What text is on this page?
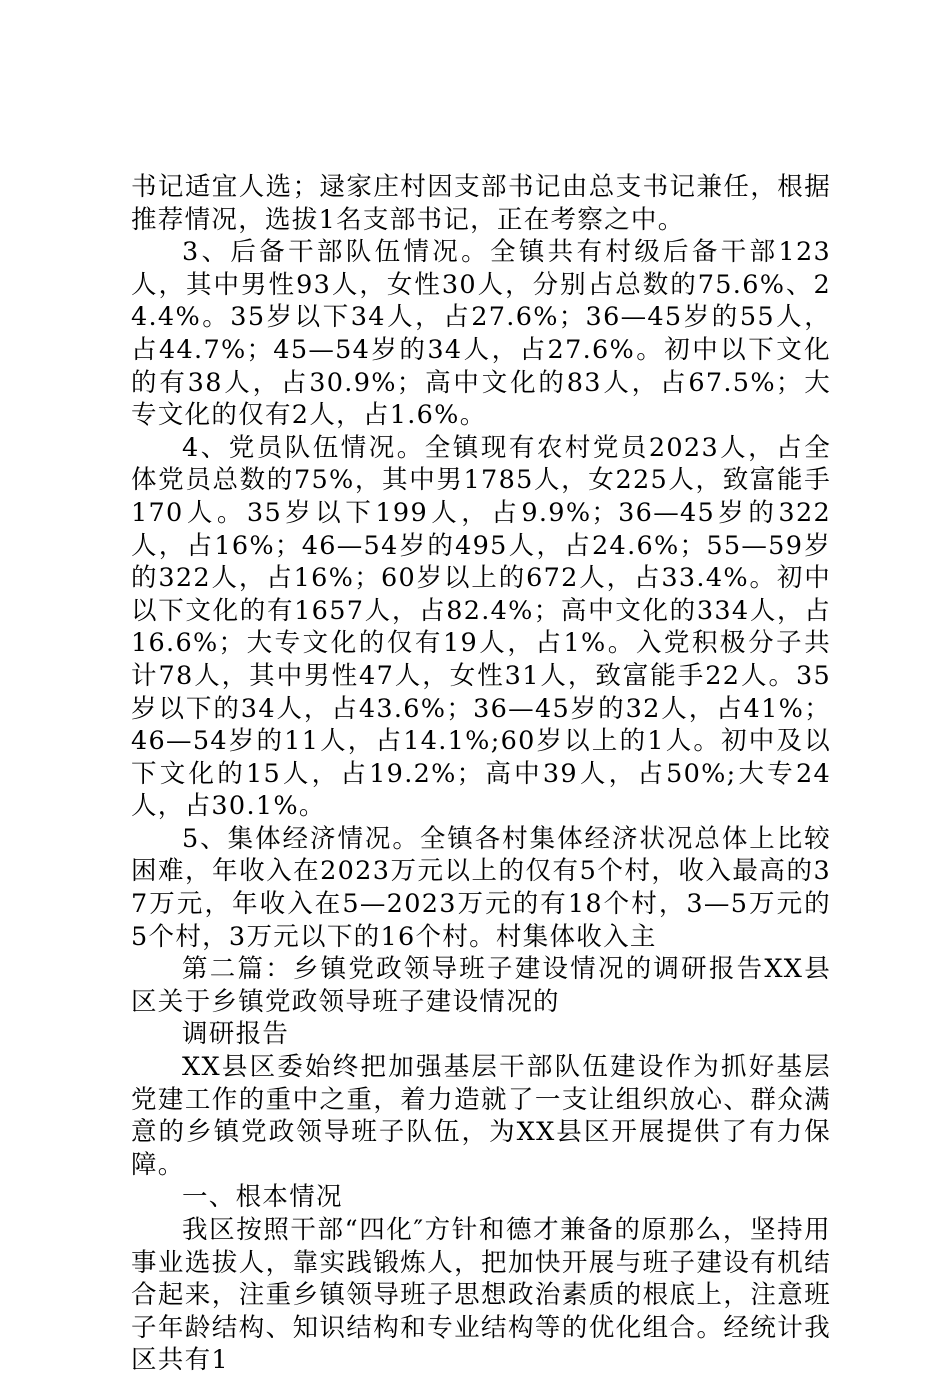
书记适宜人选；逯家庄村因支部书记由总支书记兼任，根据推荐情况，选拔1名支部书记，正在考察之中。

3、后备干部队伍情况。全镇共有村级后备干部123人，其中男性93人，女性30人，分别占总数的75.6%、24.4%。35岁以下34人，占27.6%；36—45岁的55人，占44.7%；45—54岁的34人，占27.6%。初中以下文化的有38人，占30.9%；高中文化的83人，占67.5%；大专文化的仅有2人，占1.6%。

4、党员队伍情况。全镇现有农村党员2023人，占全体党员总数的75%，其中男1785人，女225人，致富能手170人。35岁以下199人，占9.9%；36—45岁的322人，占16%；46—54岁的495人，占24.6%；55—59岁的322人，占16%；60岁以上的672人，占33.4%。初中以下文化的有1657人，占82.4%；高中文化的334人，占16.6%；大专文化的仅有19人，占1%。入党积极分子共计78人，其中男性47人，女性31人，致富能手22人。35岁以下的34人，占43.6%；36—45岁的32人，占41%；46—54岁的11人，占14.1%;60岁以上的1人。初中及以下文化的15人，占19.2%；高中39人，占50%;大专24人，占30.1%。

5、集体经济情况。全镇各村集体经济状况总体上比较困难，年收入在2023万元以上的仅有5个村，收入最高的37万元，年收入在5—2023万元的有18个村，3—5万元的5个村，3万元以下的16个村。村集体收入主

第二篇：乡镇党政领导班子建设情况的调研报告XX县区关于乡镇党政领导班子建设情况的

调研报告

XX县区委始终把加强基层干部队伍建设作为抓好基层党建工作的重中之重，着力造就了一支让组织放心、群众满意的乡镇党政领导班子队伍，为XX县区开展提供了有力保障。

一、根本情况

我区按照干部“四化″方针和德才兼备的原那么，坚持用事业选拔人，靠实践锻炼人，把加快开展与班子建设有机结合起来，注重乡镇领导班子思想政治素质的根底上，注意班子年龄结构、知识结构和专业结构等的优化组合。经统计我区共有1
